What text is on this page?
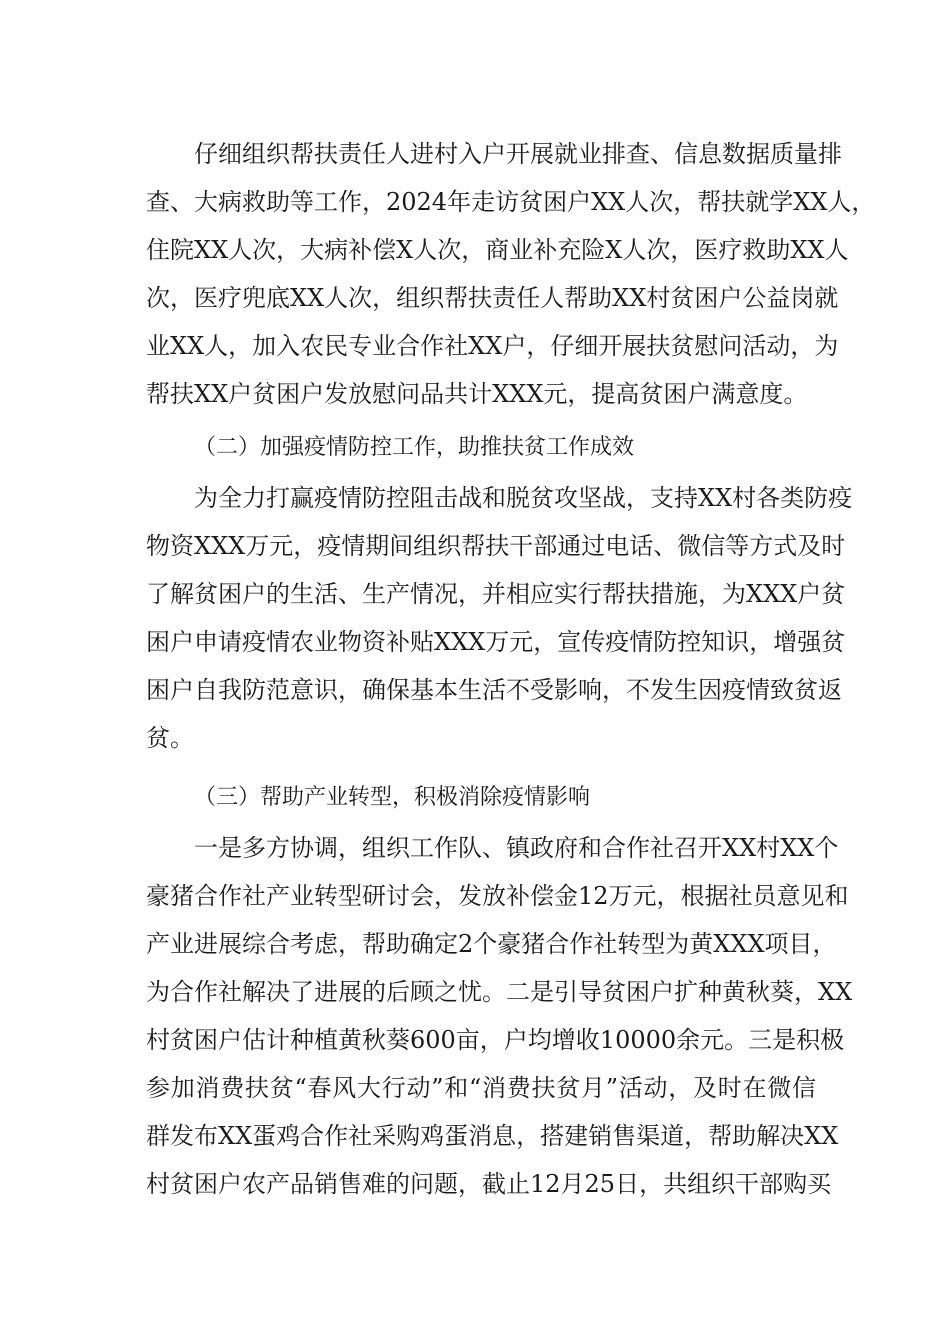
仔细组织帮扶责任人进村入户开展就业排查、信息数据质量排
查、大病救助等工作，2024年走访贫困户XX人次，帮扶就学XX人，
住院XX人次，大病补偿X人次，商业补充险X人次，医疗救助XX人
次，医疗兜底XX人次，组织帮扶责任人帮助XX村贫困户公益岗就
业XX人，加入农民专业合作社XX户，仔细开展扶贫慰问活动，为
帮扶XX户贫困户发放慰问品共计XXX元，提高贫困户满意度。
（二）加强疫情防控工作，助推扶贫工作成效
为全力打赢疫情防控阻击战和脱贫攻坚战，支持XX村各类防疫
物资XXX万元，疫情期间组织帮扶干部通过电话、微信等方式及时
了解贫困户的生活、生产情况，并相应实行帮扶措施，为XXX户贫
困户申请疫情农业物资补贴XXX万元，宣传疫情防控知识，增强贫
困户自我防范意识，确保基本生活不受影响，不发生因疫情致贫返
贫。
（三）帮助产业转型，积极消除疫情影响
一是多方协调，组织工作队、镇政府和合作社召开XX村XX个
豪猪合作社产业转型研讨会，发放补偿金12万元，根据社员意见和
产业进展综合考虑，帮助确定2个豪猪合作社转型为黄XXX项目，
为合作社解决了进展的后顾之忧。二是引导贫困户扩种黄秋葵，XX
村贫困户估计种植黄秋葵600亩，户均增收10000余元。三是积极
参加消费扶贫“春风大行动”和“消费扶贫月”活动，及时在微信
群发布XX蛋鸡合作社采购鸡蛋消息，搭建销售渠道，帮助解决XX
村贫困户农产品销售难的问题，截止12月25日，共组织干部购买
